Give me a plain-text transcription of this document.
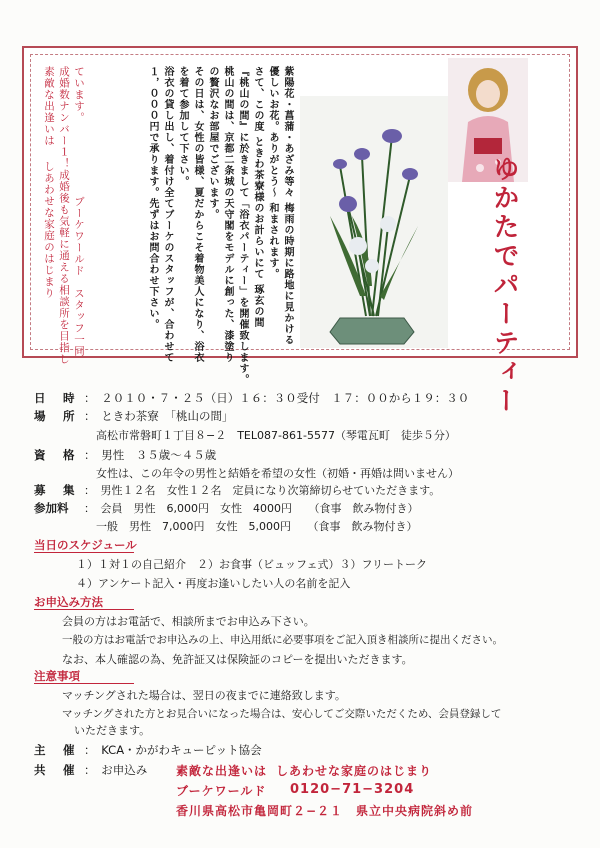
素敵な出逢いは しあわせな家庭のはじまり 成婚数ナンバー１！成婚後も気軽に通える相談所を目指し ています。
ブーケワールド　スタッフ一同	紫陽花・菖蒲・あざみ等々 梅雨の時期に路地に見かける
優しいお花。ありがとう〜 和まされます。
さて、この度 ときわ茶寮様のお計らいにて 琢玄の間
『桃山の間』に於きまして「浴衣パーティー」を開催致します。
桃山の間は、京都二条城の天守閣をモデルに創った、漆塗り
の贅沢なお部屋でございます。
その日は、女性の皆様、夏だからこそ着物美人になり、浴衣
を着て参加して下さい。
浴衣の貸し出し、着付け全てブーケのスタッフが、合わせて
１，０００円で承ります。先ずはお問合わせ下さい。	ゆかたでパーティー
日　時 ：　２０１０・７・２５（日）１６：３０受付　１７：００から１９：３０
場　所 ：　ときわ茶寮　「桃山の間」
高松市常磐町１丁目８−２　TEL087-861-5577（琴電瓦町　徒歩５分）
資　格 ：　男性　３５歳〜４５歳
女性は、この年令の男性と結婚を希望の女性（初婚・再婚は問いません）
募　集 ：　男性１２名　女性１２名　定員になり次第締切らせていただきます。
参加料 ：　会員　男性　6,000円　女性　4000円　　（食事　飲み物付き）
一般　男性　7,000円　女性　5,000円　　（食事　飲み物付き）
当日のスケジュール
１）１対１の自己紹介　２）お食事（ビュッフェ式）３）フリートーク
４）アンケート記入・再度お逢いしたい人の名前を記入
お申込み方法
会員の方はお電話で、相談所までお申込み下さい。
一般の方はお電話でお申込みの上、申込用紙に必要事項をご記入頂き相談所に提出ください。
なお、本人確認の為、免許証又は保険証のコピーを提出いただきます。
注意事項
マッチングされた場合は、翌日の夜までに連絡致します。
マッチングされた方とお見合いになった場合は、安心してご交際いただくため、会員登録して
いただきます。
主　催 ：　KCA・かがわキューピット協会
共　催 ：　お申込み 素敵な出逢いは しあわせな家庭のはじまり
ブーケワールド 0120−71−3204
香川県高松市亀岡町２−２１　県立中央病院斜め前
